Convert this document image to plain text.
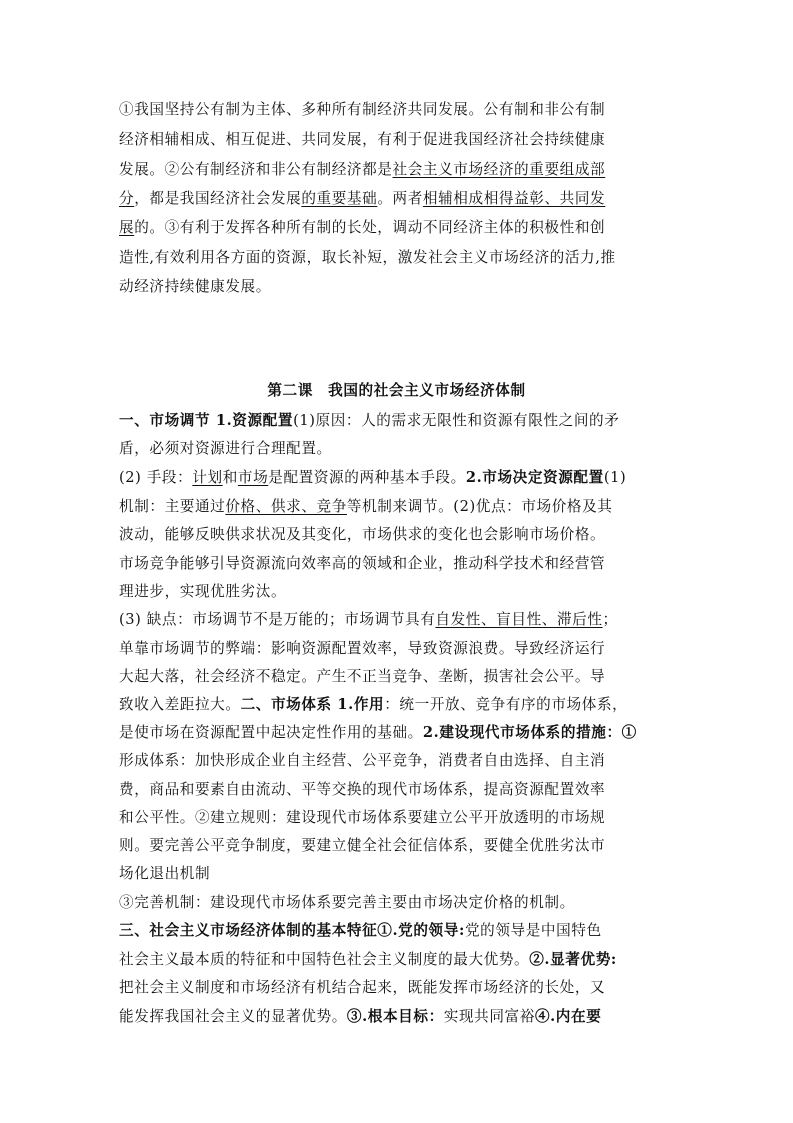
①我国坚持公有制为主体、多种所有制经济共同发展。公有制和非公有制
经济相辅相成、相互促进、共同发展，有利于促进我国经济社会持续健康
发展。②公有制经济和非公有制经济都是社会主义市场经济的重要组成部
分，都是我国经济社会发展的重要基础。两者相辅相成相得益彰、共同发
展的。③有利于发挥各种所有制的长处，调动不同经济主体的积极性和创
造性,有效利用各方面的资源，取长补短，激发社会主义市场经济的活力,推
动经济持续健康发展。
第二课　我国的社会主义市场经济体制
一、市场调节 1.资源配置(1)原因：人的需求无限性和资源有限性之间的矛
盾，必须对资源进行合理配置。
(2) 手段：计划和市场是配置资源的两种基本手段。2.市场决定资源配置(1)
机制：主要通过价格、供求、竞争等机制来调节。(2)优点：市场价格及其
波动，能够反映供求状况及其变化，市场供求的变化也会影响市场价格。
市场竞争能够引导资源流向效率高的领域和企业，推动科学技术和经营管
理进步，实现优胜劣汰。
(3) 缺点：市场调节不是万能的；市场调节具有自发性、盲目性、滞后性；
单靠市场调节的弊端：影响资源配置效率，导致资源浪费。导致经济运行
大起大落，社会经济不稳定。产生不正当竞争、垄断，损害社会公平。导
致收入差距拉大。二、市场体系 1.作用：统一开放、竞争有序的市场体系，
是使市场在资源配置中起决定性作用的基础。2.建设现代市场体系的措施：①
形成体系：加快形成企业自主经营、公平竞争，消费者自由选择、自主消
费，商品和要素自由流动、平等交换的现代市场体系，提高资源配置效率
和公平性。②建立规则：建设现代市场体系要建立公平开放透明的市场规
则。要完善公平竞争制度，要建立健全社会征信体系，要健全优胜劣汰市
场化退出机制
③完善机制：建设现代市场体系要完善主要由市场决定价格的机制。
三、社会主义市场经济体制的基本特征①.党的领导:党的领导是中国特色
社会主义最本质的特征和中国特色社会主义制度的最大优势。②.显著优势:
把社会主义制度和市场经济有机结合起来，既能发挥市场经济的长处，又
能发挥我国社会主义的显著优势。③.根本目标：实现共同富裕④.内在要
